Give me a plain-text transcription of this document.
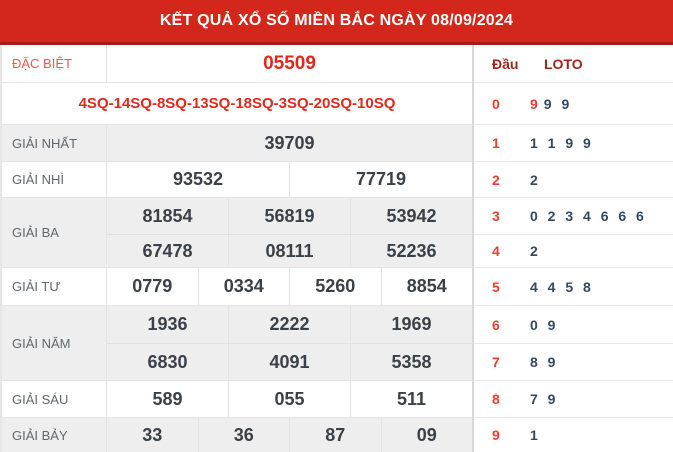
KẾT QUẢ XỔ SỐ MIỀN BẮC NGÀY 08/09/2024
ĐẶC BIỆT	05509
4SQ-14SQ-8SQ-13SQ-18SQ-3SQ-20SQ-10SQ
GIẢI NHẤT	39709
GIẢI NHÌ	93532	77719
GIẢI BA
81854	56819	53942
67478	08111	52236
GIẢI TƯ	0779	0334	5260	8854
GIẢI NĂM
1936	2222	1969
6830	4091	5358
GIẢI SÁU	589	055	511
GIẢI BẢY	33	36	87	09
Đầu	LOTO
0	9 9 9
1	1 1 9 9
2	2
3	0 2 3 4 6 6 6
4	2
5	4 4 5 8
6	0 9
7	8 9
8	7 9
9	1
